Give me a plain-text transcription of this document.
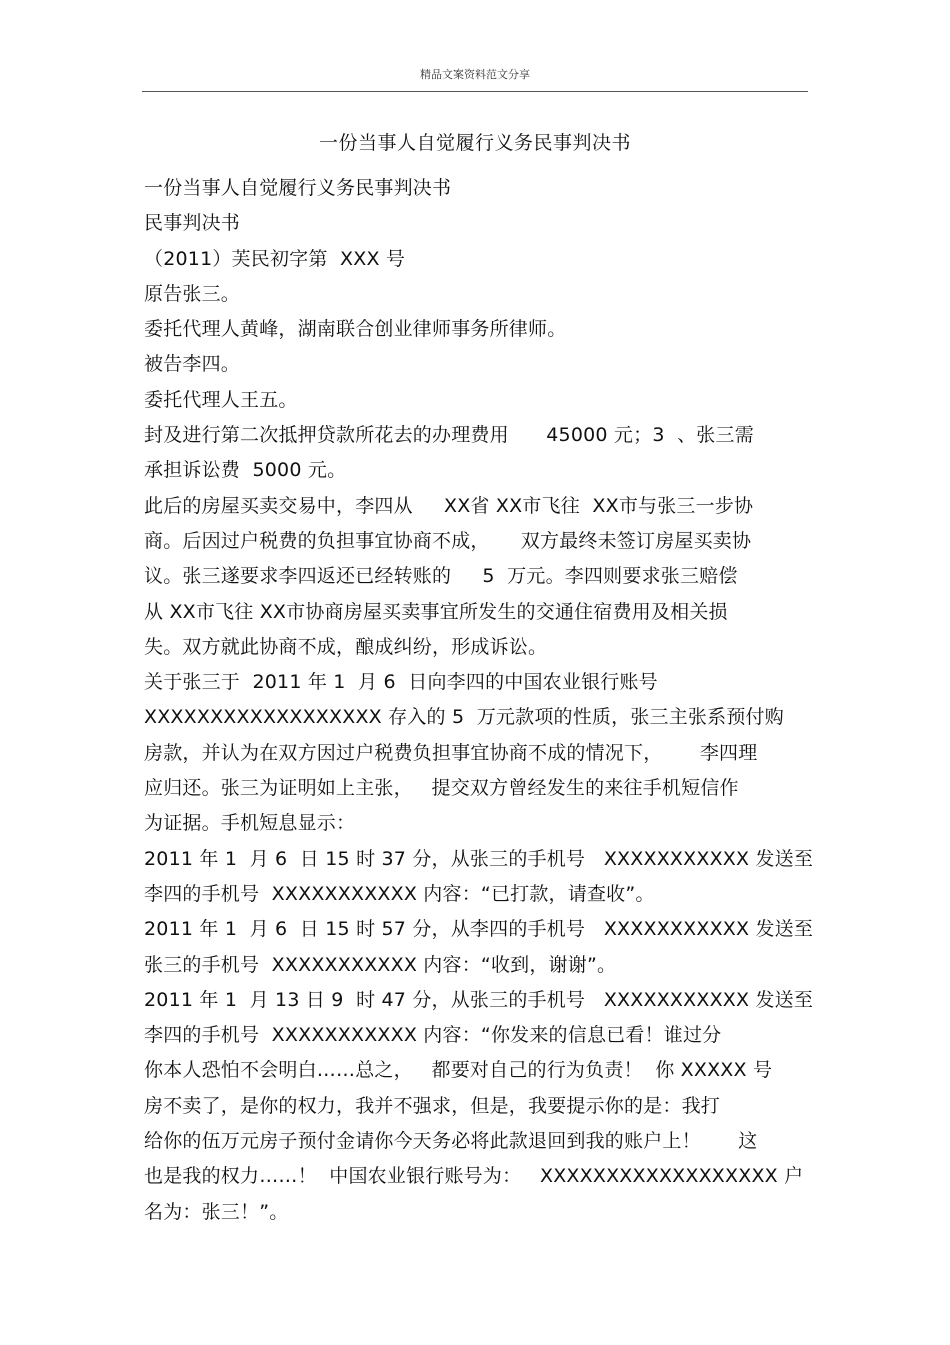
精品文案资料范文分享
一份当事人自觉履行义务民事判决书
一份当事人自觉履行义务民事判决书
民事判决书
（2011）芙民初字第  XXX 号
原告张三。
委托代理人黄峰，湖南联合创业律师事务所律师。
被告李四。
委托代理人王五。
封及进行第二次抵押贷款所花去的办理费用      45000 元；3  、张三需
承担诉讼费  5000 元。
此后的房屋买卖交易中，李四从     XX省 XX市飞往  XX市与张三一步协
商。后因过户税费的负担事宜协商不成，     双方最终未签订房屋买卖协
议。张三遂要求李四返还已经转账的     5  万元。李四则要求张三赔偿
从 XX市飞往 XX市协商房屋买卖事宜所发生的交通住宿费用及相关损
失。双方就此协商不成，酿成纠纷，形成诉讼。
关于张三于  2011 年 1  月 6  日向李四的中国农业银行账号
XXXXXXXXXXXXXXXXXX 存入的 5  万元款项的性质，张三主张系预付购
房款，并认为在双方因过户税费负担事宜协商不成的情况下，      李四理
应归还。张三为证明如上主张，   提交双方曾经发生的来往手机短信作
为证据。手机短息显示：
2011 年 1  月 6  日 15 时 37 分，从张三的手机号   XXXXXXXXXXX 发送至
李四的手机号  XXXXXXXXXXX 内容：“已打款，请查收”。
2011 年 1  月 6  日 15 时 57 分，从李四的手机号   XXXXXXXXXXX 发送至
张三的手机号  XXXXXXXXXXX 内容：“收到，谢谢”。
2011 年 1  月 13 日 9  时 47 分，从张三的手机号   XXXXXXXXXXX 发送至
李四的手机号  XXXXXXXXXXX 内容：“你发来的信息已看！谁过分
你本人恐怕不会明白……总之，   都要对自己的行为负责！  你 XXXXX 号
房不卖了，是你的权力，我并不强求，但是，我要提示你的是：我打
给你的伍万元房子预付金请你今天务必将此款退回到我的账户上！      这
也是我的权力……！  中国农业银行账号为：   XXXXXXXXXXXXXXXXXX 户
名为：张三！”。
